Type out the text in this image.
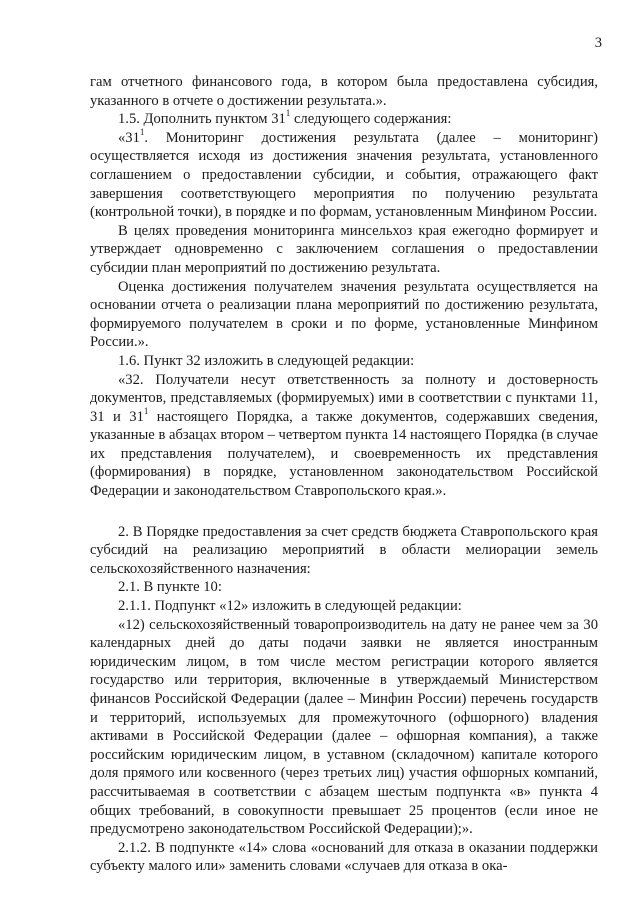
3

гам отчетного финансового года, в котором была предоставлена субсидия, указанного в отчете о достижении результата.».

1.5. Дополнить пунктом $31^1$ следующего содержания:

«$31^1$. Мониторинг достижения результата (далее – мониторинг) осуществляется исходя из достижения значения результата, установленного соглашением о предоставлении субсидии, и события, отражающего факт завершения соответствующего мероприятия по получению результата (контрольной точки), в порядке и по формам, установленным Минфином России.

В целях проведения мониторинга минсельхоз края ежегодно формирует и утверждает одновременно с заключением соглашения о предоставлении субсидии план мероприятий по достижению результата.

Оценка достижения получателем значения результата осуществляется на основании отчета о реализации плана мероприятий по достижению результата, формируемого получателем в сроки и по форме, установленные Минфином России.».

1.6. Пункт 32 изложить в следующей редакции:

«32. Получатели несут ответственность за полноту и достоверность документов, представляемых (формируемых) ими в соответствии с пунктами 11, 31 и $31^1$ настоящего Порядка, а также документов, содержавших сведения, указанные в абзацах втором – четвертом пункта 14 настоящего Порядка (в случае их представления получателем), и своевременность их представления (формирования) в порядке, установленном законодательством Российской Федерации и законодательством Ставропольского края.».

2. В Порядке предоставления за счет средств бюджета Ставропольского края субсидий на реализацию мероприятий в области мелиорации земель сельскохозяйственного назначения:

2.1. В пункте 10:

2.1.1. Подпункт «12» изложить в следующей редакции:

«12) сельскохозяйственный товаропроизводитель на дату не ранее чем за 30 календарных дней до даты подачи заявки не является иностранным юридическим лицом, в том числе местом регистрации которого является государство или территория, включенные в утверждаемый Министерством финансов Российской Федерации (далее – Минфин России) перечень государств и территорий, используемых для промежуточного (офшорного) владения активами в Российской Федерации (далее – офшорная компания), а также российским юридическим лицом, в уставном (складочном) капитале которого доля прямого или косвенного (через третьих лиц) участия офшорных компаний, рассчитываемая в соответствии с абзацем шестым подпункта «в» пункта 4 общих требований, в совокупности превышает 25 процентов (если иное не предусмотрено законодательством Российской Федерации);».

2.1.2. В подпункте «14» слова «оснований для отказа в оказании поддержки субъекту малого или» заменить словами «случаев для отказа в ока-
